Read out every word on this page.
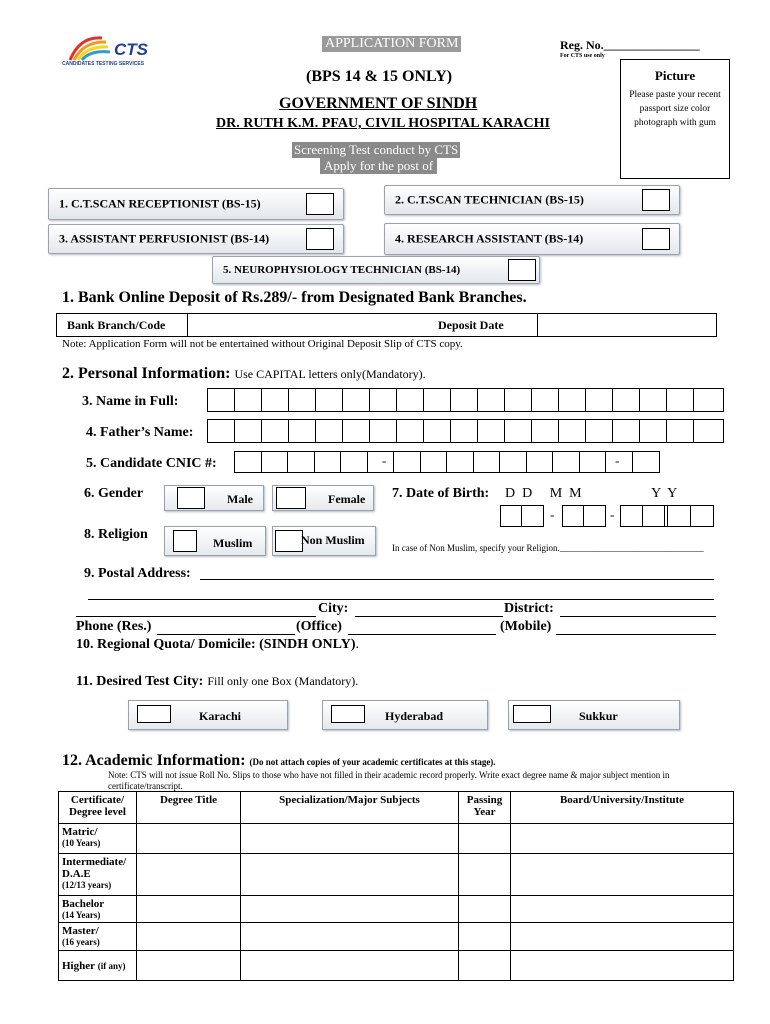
CTS
CANDIDATES TESTING SERVICES
APPLICATION FORM	Reg. No.________________
For CTS use only
(BPS 14 & 15 ONLY)
GOVERNMENT OF SINDH
DR. RUTH K.M. PFAU, CIVIL HOSPITAL KARACHI
Screening Test conduct by CTS
Apply for the post of
Picture
Please paste your recent passport size color photograph with gum
1. C.T.SCAN RECEPTIONIST (BS-15)	2. C.T.SCAN TECHNICIAN (BS-15)
3. ASSISTANT PERFUSIONIST (BS-14)	4. RESEARCH ASSISTANT (BS-14)
5. NEUROPHYSIOLOGY TECHNICIAN (BS-14)
1. Bank Online Deposit of Rs.289/- from Designated Bank Branches.
Bank Branch/Code	Deposit Date
Note: Application Form will not be entertained without Original Deposit Slip of CTS copy.
2. Personal Information: Use CAPITAL letters only(Mandatory).
3. Name in Full:
4. Father’s Name:
5. Candidate CNIC #:	-	-
6. Gender	Male	Female 7. Date of Birth: D  D     M  M                    Y  Y
-	-
8. Religion
Muslim	Non Muslim
In case of Non Muslim, specify your Religion.________________________________
9. Postal Address:
City:	District:
Phone (Res.)	(Office)	(Mobile)
10. Regional Quota/ Domicile: (SINDH ONLY).
11. Desired Test City: Fill only one Box (Mandatory).
Karachi	Hyderabad	Sukkur
12. Academic Information: (Do not attach copies of your academic certificates at this stage).
Note: CTS will not issue Roll No. Slips to those who have not filled in their academic record properly. Write exact degree name & major subject mention in certificate/transcript.
Certificate/ Degree level	Degree Title	Specialization/Major Subjects	Passing Year	Board/University/Institute

Matric/
(10 Years)				

Intermediate/ D.A.E
(12/13 years)				

Bachelor
(14 Years)				

Master/
(16 years)				

Higher (if any)				
